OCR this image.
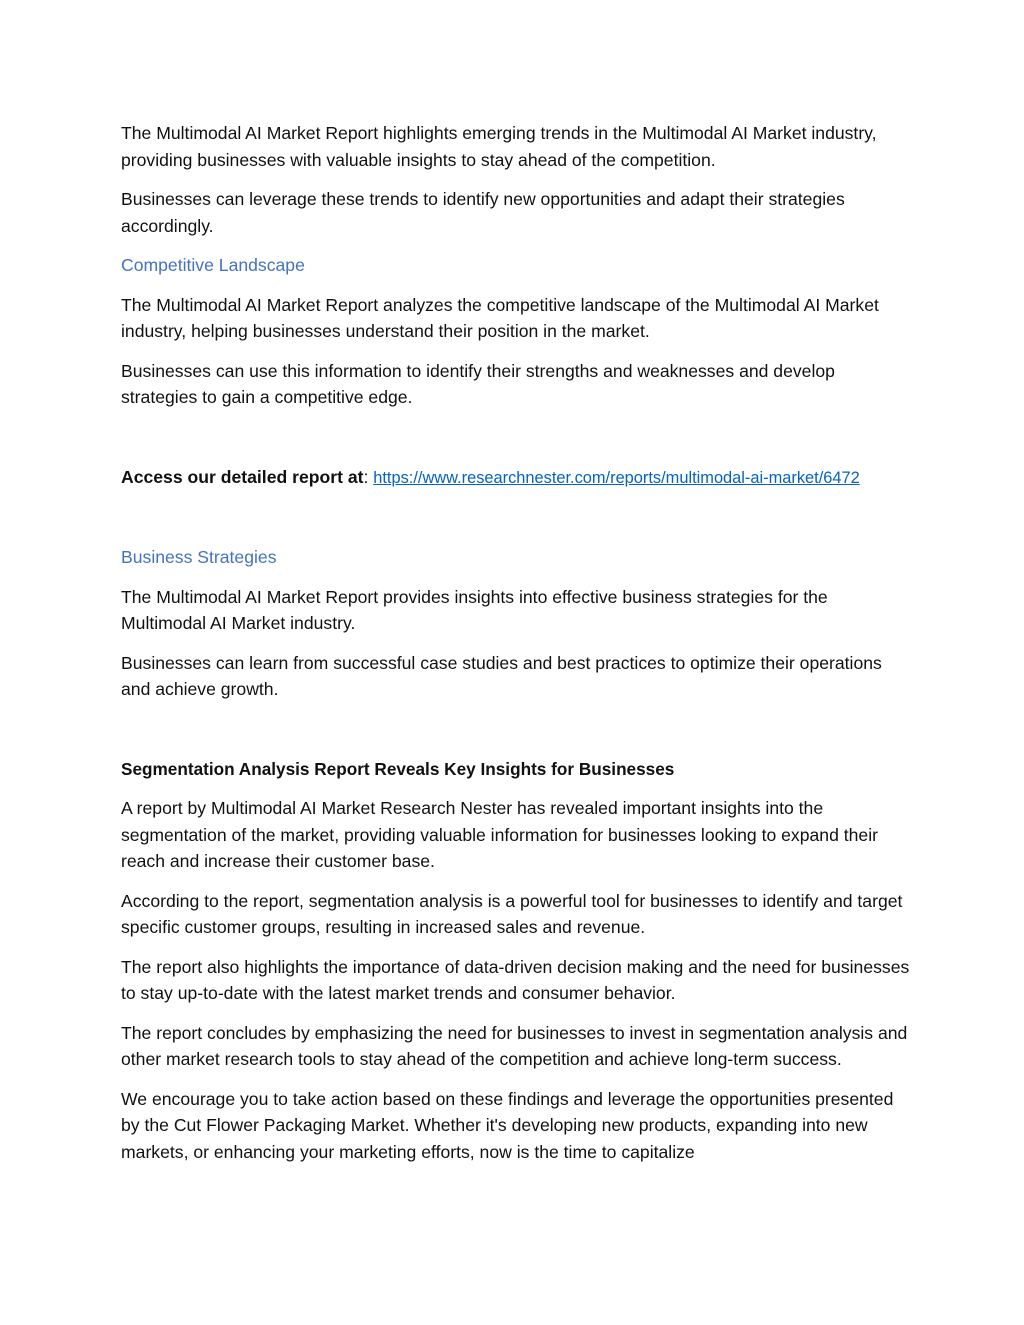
The Multimodal AI Market Report highlights emerging trends in the Multimodal AI Market industry, providing businesses with valuable insights to stay ahead of the competition.

Businesses can leverage these trends to identify new opportunities and adapt their strategies accordingly.

Competitive Landscape

The Multimodal AI Market Report analyzes the competitive landscape of the Multimodal AI Market industry, helping businesses understand their position in the market.

Businesses can use this information to identify their strengths and weaknesses and develop strategies to gain a competitive edge.

Access our detailed report at: https://www.researchnester.com/reports/multimodal-ai-market/6472

Business Strategies

The Multimodal AI Market Report provides insights into effective business strategies for the Multimodal AI Market industry.

Businesses can learn from successful case studies and best practices to optimize their operations and achieve growth.

Segmentation Analysis Report Reveals Key Insights for Businesses

A report by Multimodal AI Market Research Nester has revealed important insights into the segmentation of the market, providing valuable information for businesses looking to expand their reach and increase their customer base.

According to the report, segmentation analysis is a powerful tool for businesses to identify and target specific customer groups, resulting in increased sales and revenue.

The report also highlights the importance of data-driven decision making and the need for businesses to stay up-to-date with the latest market trends and consumer behavior.

The report concludes by emphasizing the need for businesses to invest in segmentation analysis and other market research tools to stay ahead of the competition and achieve long-term success.

We encourage you to take action based on these findings and leverage the opportunities presented by the Cut Flower Packaging Market. Whether it's developing new products, expanding into new markets, or enhancing your marketing efforts, now is the time to capitalize
